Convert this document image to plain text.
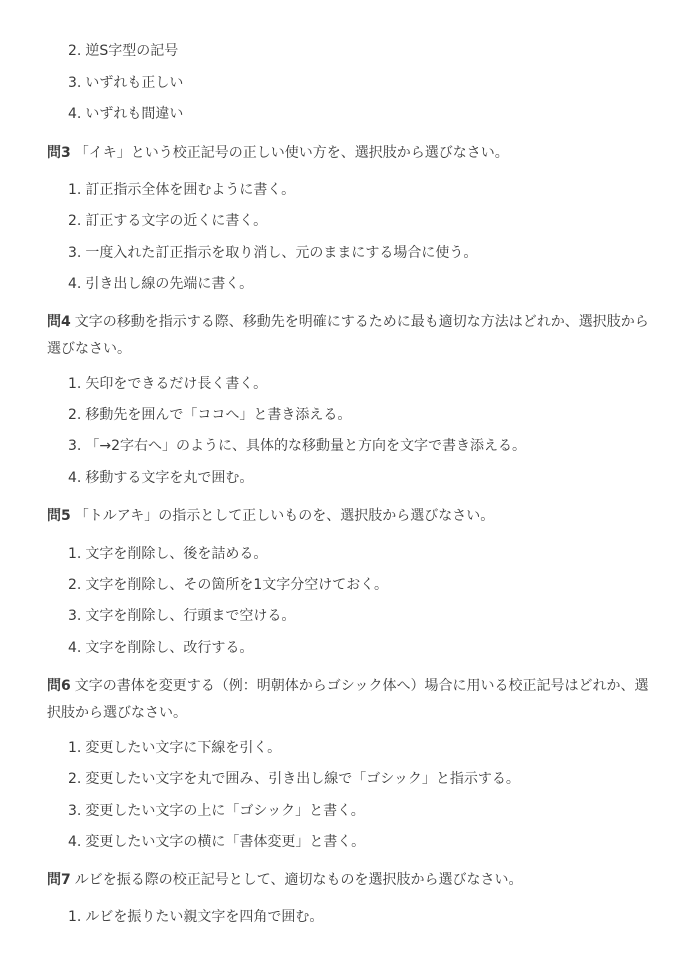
2. 逆S字型の記号
3. いずれも正しい
4. いずれも間違い

問3 「イキ」という校正記号の正しい使い方を、選択肢から選びなさい。

1. 訂正指示全体を囲むように書く。
2. 訂正する文字の近くに書く。
3. 一度入れた訂正指示を取り消し、元のままにする場合に使う。
4. 引き出し線の先端に書く。

問4 文字の移動を指示する際、移動先を明確にするために最も適切な方法はどれか、選択肢から選びなさい。

1. 矢印をできるだけ長く書く。
2. 移動先を囲んで「ココへ」と書き添える。
3. 「→2字右へ」のように、具体的な移動量と方向を文字で書き添える。
4. 移動する文字を丸で囲む。

問5 「トルアキ」の指示として正しいものを、選択肢から選びなさい。

1. 文字を削除し、後を詰める。
2. 文字を削除し、その箇所を1文字分空けておく。
3. 文字を削除し、行頭まで空ける。
4. 文字を削除し、改行する。

問6 文字の書体を変更する（例：明朝体からゴシック体へ）場合に用いる校正記号はどれか、選択肢から選びなさい。

1. 変更したい文字に下線を引く。
2. 変更したい文字を丸で囲み、引き出し線で「ゴシック」と指示する。
3. 変更したい文字の上に「ゴシック」と書く。
4. 変更したい文字の横に「書体変更」と書く。

問7 ルビを振る際の校正記号として、適切なものを選択肢から選びなさい。

1. ルビを振りたい親文字を四角で囲む。
